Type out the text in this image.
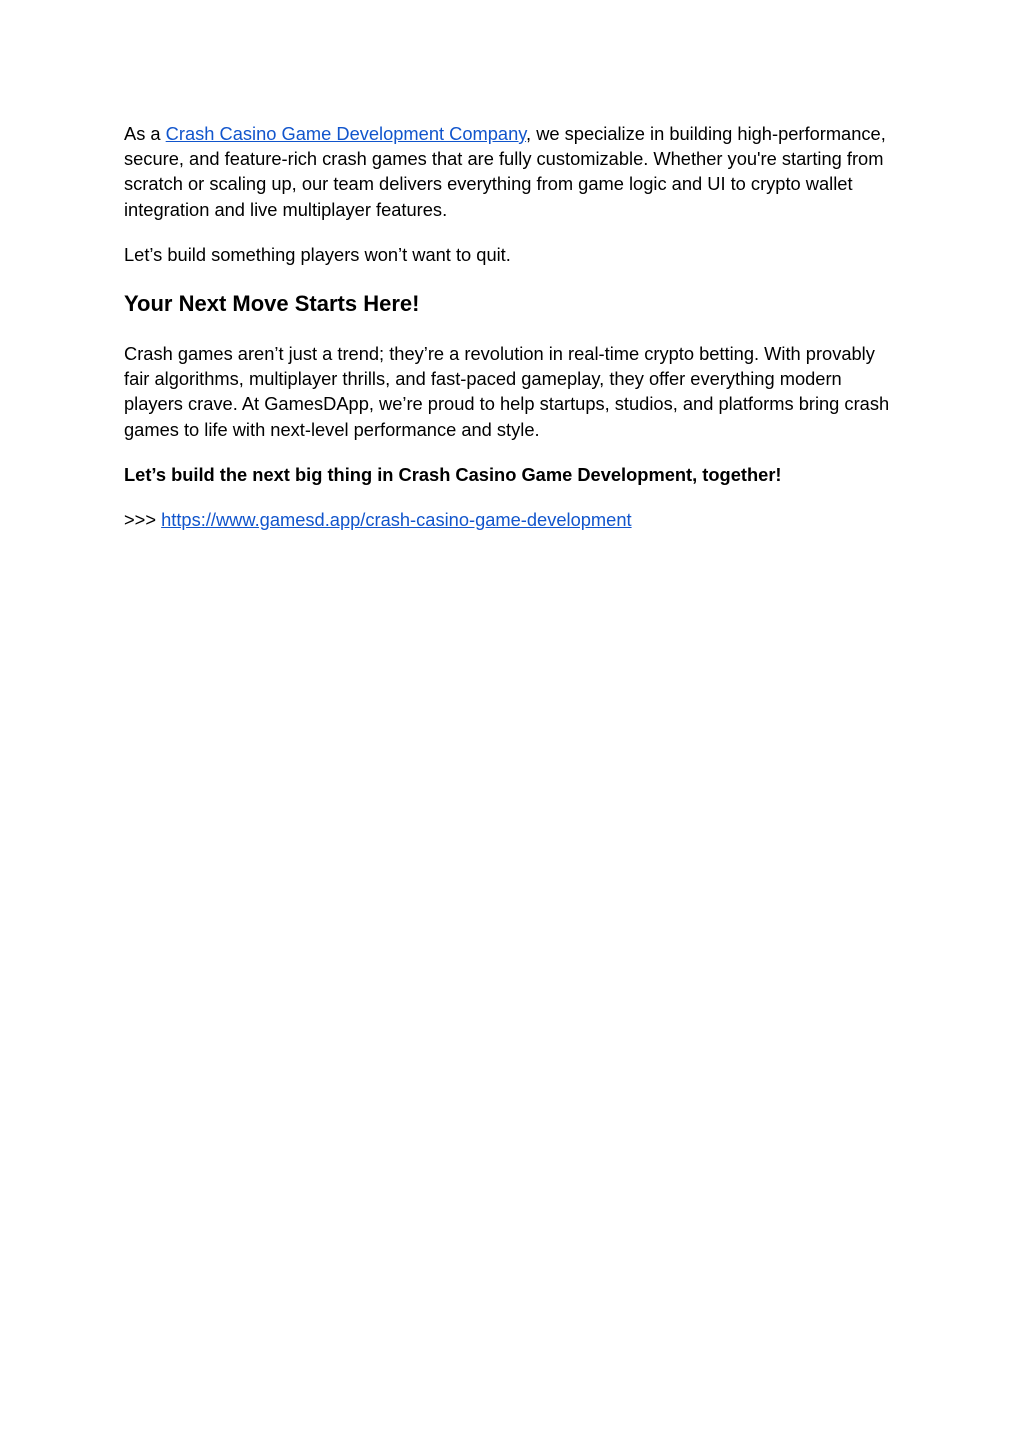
As a Crash Casino Game Development Company, we specialize in building high-performance, secure, and feature-rich crash games that are fully customizable. Whether you're starting from scratch or scaling up, our team delivers everything from game logic and UI to crypto wallet integration and live multiplayer features.

Let’s build something players won’t want to quit.

Your Next Move Starts Here!

Crash games aren’t just a trend; they’re a revolution in real-time crypto betting. With provably fair algorithms, multiplayer thrills, and fast-paced gameplay, they offer everything modern players crave. At GamesDApp, we’re proud to help startups, studios, and platforms bring crash games to life with next-level performance and style.

Let’s build the next big thing in Crash Casino Game Development, together!

>>> https://www.gamesd.app/crash-casino-game-development
